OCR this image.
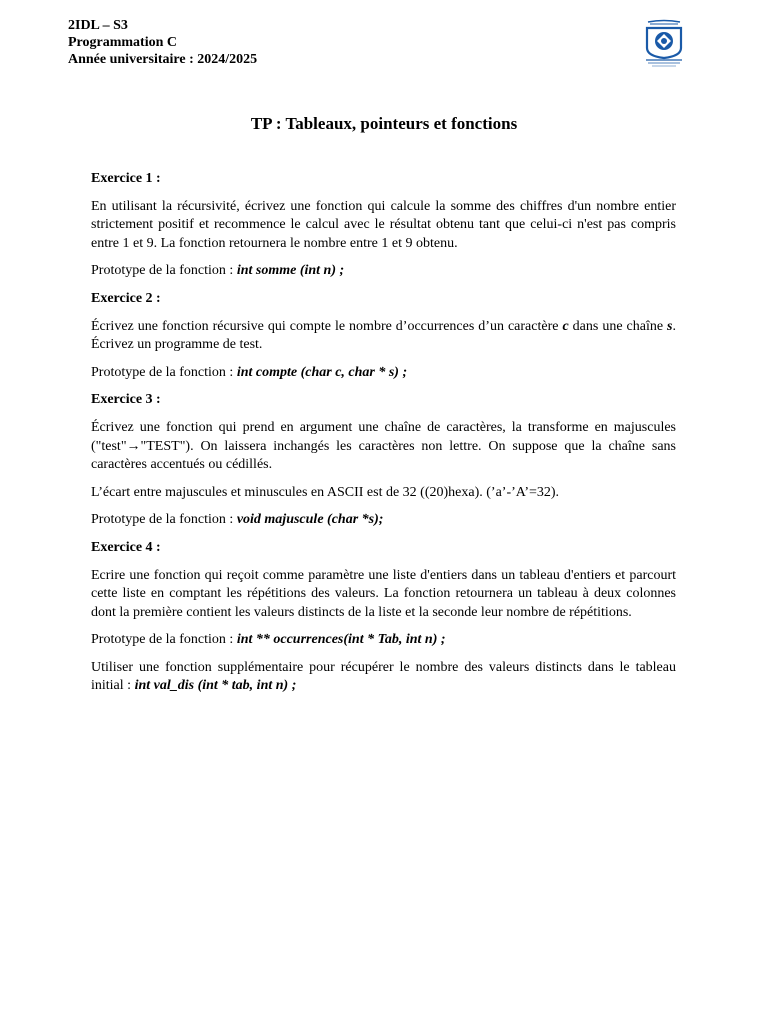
2IDL – S3
Programmation C
Année universitaire : 2024/2025
TP : Tableaux, pointeurs et fonctions

Exercice 1 :

En utilisant la récursivité, écrivez une fonction qui calcule la somme des chiffres d'un nombre entier strictement positif et recommence le calcul avec le résultat obtenu tant que celui-ci n'est pas compris entre 1 et 9. La fonction retournera le nombre entre 1 et 9 obtenu.

Prototype de la fonction : int somme (int n) ;

Exercice 2 :

Écrivez une fonction récursive qui compte le nombre d’occurrences d’un caractère c dans une chaîne s. Écrivez un programme de test.

Prototype de la fonction : int compte (char c, char * s) ;

Exercice 3 :

Écrivez une fonction qui prend en argument une chaîne de caractères, la transforme en majuscules ("test"→"TEST"). On laissera inchangés les caractères non lettre. On suppose que la chaîne sans caractères accentués ou cédillés.

L’écart entre majuscules et minuscules en ASCII est de 32 ((20)hexa). (’a’-’A’=32).

Prototype de la fonction : void majuscule (char *s);

Exercice 4 :

Ecrire une fonction qui reçoit comme paramètre une liste d'entiers dans un tableau d'entiers et parcourt cette liste en comptant les répétitions des valeurs. La fonction retournera un tableau à deux colonnes dont la première contient les valeurs distincts de la liste et la seconde leur nombre de répétitions.

Prototype de la fonction : int ** occurrences(int * Tab, int n) ;

Utiliser une fonction supplémentaire pour récupérer le nombre des valeurs distincts dans le tableau initial : int val_dis (int * tab, int n) ;
